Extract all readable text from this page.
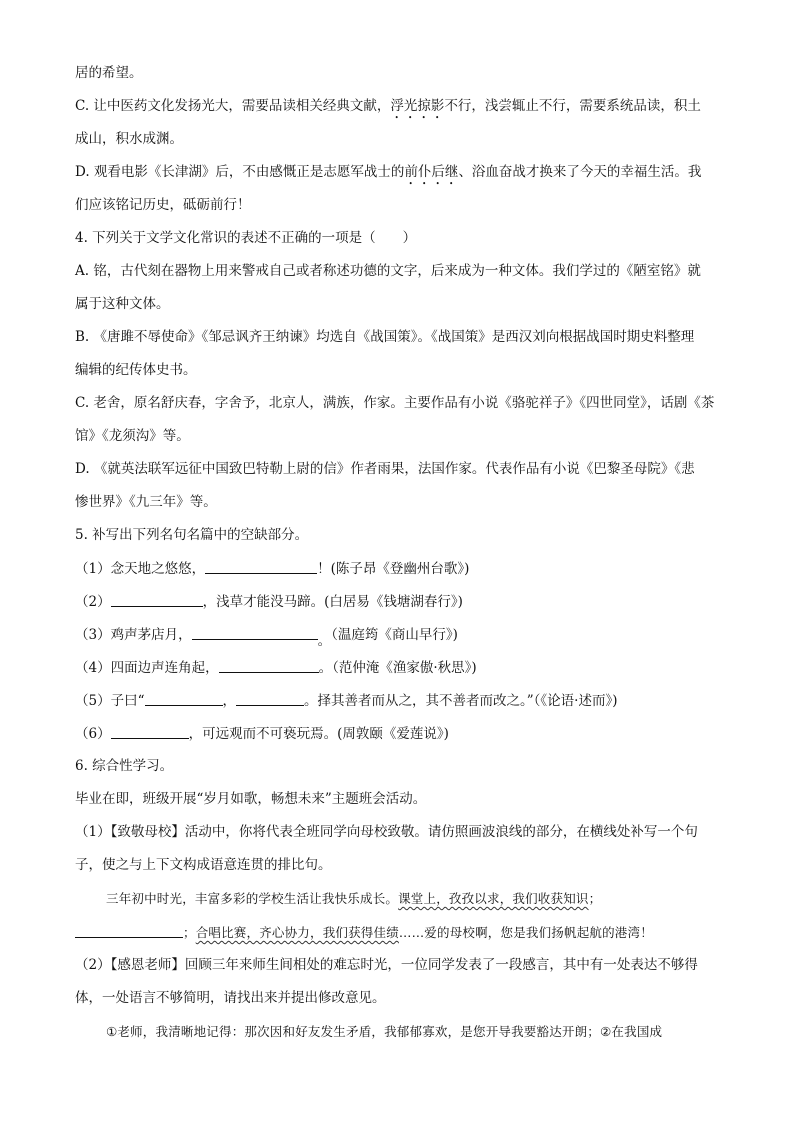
居的希望。
C. 让中医药文化发扬光大，需要品读相关经典文献，浮光掠影不行，浅尝辄止不行，需要系统品读，积土
成山，积水成渊。
D. 观看电影《长津湖》后，不由感慨正是志愿军战士的前仆后继、浴血奋战才换来了今天的幸福生活。我
们应该铭记历史，砥砺前行！
4. 下列关于文学文化常识的表述不正确的一项是（　　）
A. 铭，古代刻在器物上用来警戒自己或者称述功德的文字，后来成为一种文体。我们学过的《陋室铭》就
属于这种文体。
B. 《唐雎不辱使命》《邹忌讽齐王纳谏》均选自《战国策》。《战国策》是西汉刘向根据战国时期史料整理
编辑的纪传体史书。
C. 老舍，原名舒庆春，字舍予，北京人，满族，作家。主要作品有小说《骆驼祥子》《四世同堂》，话剧《茶
馆》《龙须沟》等。
D. 《就英法联军远征中国致巴特勒上尉的信》作者雨果，法国作家。代表作品有小说《巴黎圣母院》《悲
惨世界》《九三年》等。
5. 补写出下列名句名篇中的空缺部分。
（1）念天地之悠悠，	！(陈子昂《登幽州台歌》)
（2）	，浅草才能没马蹄。(白居易《钱塘湖春行》)
（3）鸡声茅店月，	。（温庭筠《商山早行》)
（4）四面边声连角起，	。（范仲淹《渔家傲·秋思》)
（5）子曰“	，	。择其善者而从之，其不善者而改之。”（《论语·述而》)
（6）	，可远观而不可亵玩焉。(周敦颐《爱莲说》)
6. 综合性学习。
毕业在即，班级开展“岁月如歌，畅想未来”主题班会活动。
（1）【致敬母校】活动中，你将代表全班同学向母校致敬。请仿照画波浪线的部分，在横线处补写一个句
子，使之与上下文构成语意连贯的排比句。
三年初中时光，丰富多彩的学校生活让我快乐成长。课堂上，孜孜以求，我们收获知识；
；合唱比赛，齐心协力，我们获得佳绩……爱的母校啊，您是我们扬帆起航的港湾！
（2）【感恩老师】回顾三年来师生间相处的难忘时光，一位同学发表了一段感言，其中有一处表达不够得
体，一处语言不够简明，请找出来并提出修改意见。
①老师，我清晰地记得：那次因和好友发生矛盾，我郁郁寡欢，是您开导我要豁达开朗；②在我国成
